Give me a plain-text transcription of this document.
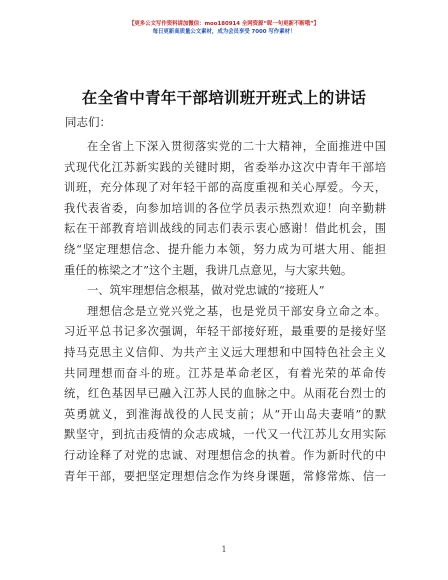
【更多公文写作资料请加微信：moo180914 全网资源“昵一句更新不断哦”】
每日更新高质量公文素材，成为会员享受 7000 写作素材！
在全省中青年干部培训班开班式上的讲话
同志们：
在全省上下深入贯彻落实党的二十大精神，全面推进中国
式现代化江苏新实践的关键时期，省委举办这次中青年干部培
训班，充分体现了对年轻干部的高度重视和关心厚爱。今天，
我代表省委，向参加培训的各位学员表示热烈欢迎！向辛勤耕
耘在干部教育培训战线的同志们表示衷心感谢！借此机会，围
绕“坚定理想信念、提升能力本领，努力成为可堪大用、能担
重任的栋梁之才”这个主题，我讲几点意见，与大家共勉。
一、筑牢理想信念根基，做对党忠诚的“接班人”
理想信念是立党兴党之基，也是党员干部安身立命之本。
习近平总书记多次强调，年轻干部接好班，最重要的是接好坚
持马克思主义信仰、为共产主义远大理想和中国特色社会主义
共同理想而奋斗的班。江苏是革命老区，有着光荣的革命传
统，红色基因早已融入江苏人民的血脉之中。从雨花台烈士的
英勇就义，到淮海战役的人民支前；从“开山岛夫妻哨”的默
默坚守，到抗击疫情的众志成城，一代又一代江苏儿女用实际
行动诠释了对党的忠诚、对理想信念的执着。作为新时代的中
青年干部，要把坚定理想信念作为终身课题，常修常炼、信一
1
